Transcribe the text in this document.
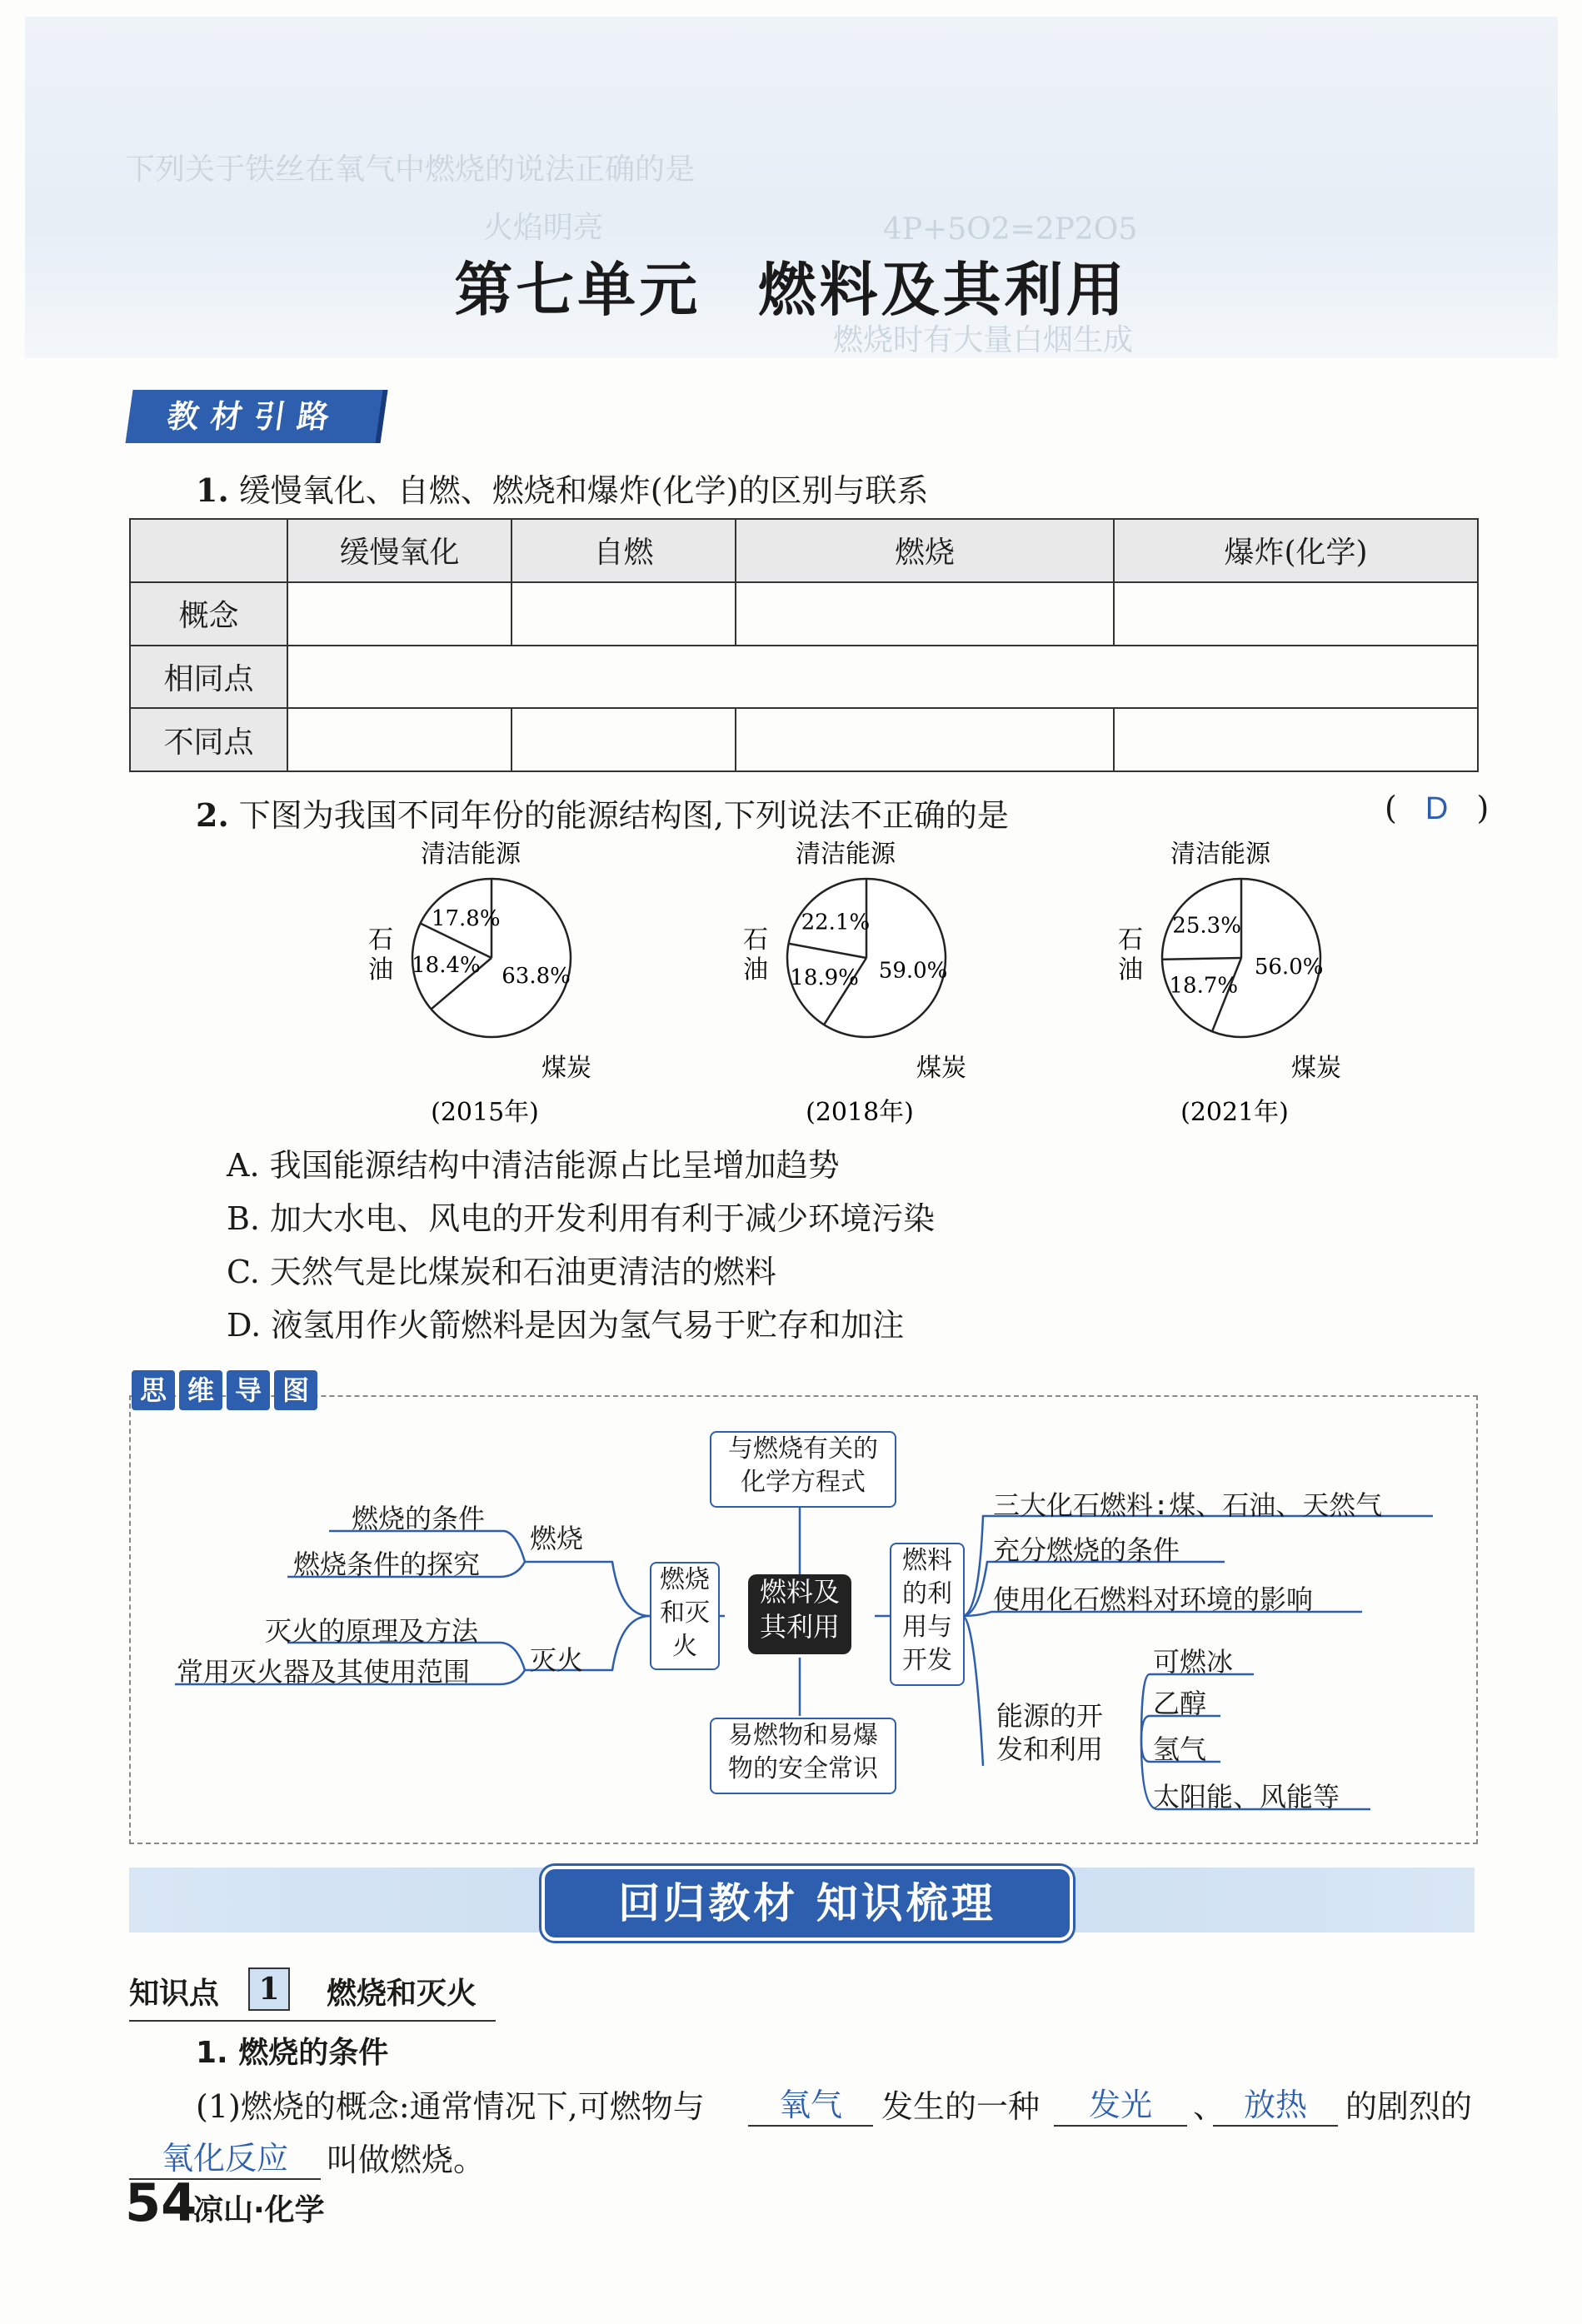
下列关于铁丝在氧气中燃烧的说法正确的是
火焰明亮	4P+5O2=2P2O5
燃烧时有大量白烟生成
第七单元 燃料及其利用
教材引路
1. 缓慢氧化、自燃、燃烧和爆炸(化学)的区别与联系
	缓慢氧化	自燃	燃烧	爆炸(化学)
概念				
相同点				
不同点				
2. 下图为我国不同年份的能源结构图,下列说法不正确的是	( D )
17.8%
18.4% 63.8%
清洁能源
石
油
煤炭
(2015年)
22.1%
18.9% 59.0%
清洁能源
石
油
煤炭
(2018年)
25.3%
18.7%
56.0%
清洁能源
石
油
煤炭
(2021年)
A. 我国能源结构中清洁能源占比呈增加趋势
B. 加大水电、风电的开发利用有利于减少环境污染
C. 天然气是比煤炭和石油更清洁的燃料
D. 液氢用作火箭燃料是因为氢气易于贮存和加注
思 维 导 图
与燃烧有关的
化学方程式
燃料及
其利用
易燃物和易爆
物的安全常识
燃烧
和灭
火
燃料
的利
用与
开发
燃烧
灭火
燃烧的条件
燃烧条件的探究
灭火的原理及方法
常用灭火器及其使用范围
三大化石燃料:煤、石油、天然气
充分燃烧的条件
使用化石燃料对环境的影响
能源的开
发和利用
可燃冰
乙醇
氢气
太阳能、风能等
回归教材 知识梳理
知识点	1	燃烧和灭火
1. 燃烧的条件
(1)燃烧的概念:通常情况下,可燃物与	氧气	发生的一种	发光	、 放热	的剧烈的
氧化反应	叫做燃烧。
54
凉山·化学
